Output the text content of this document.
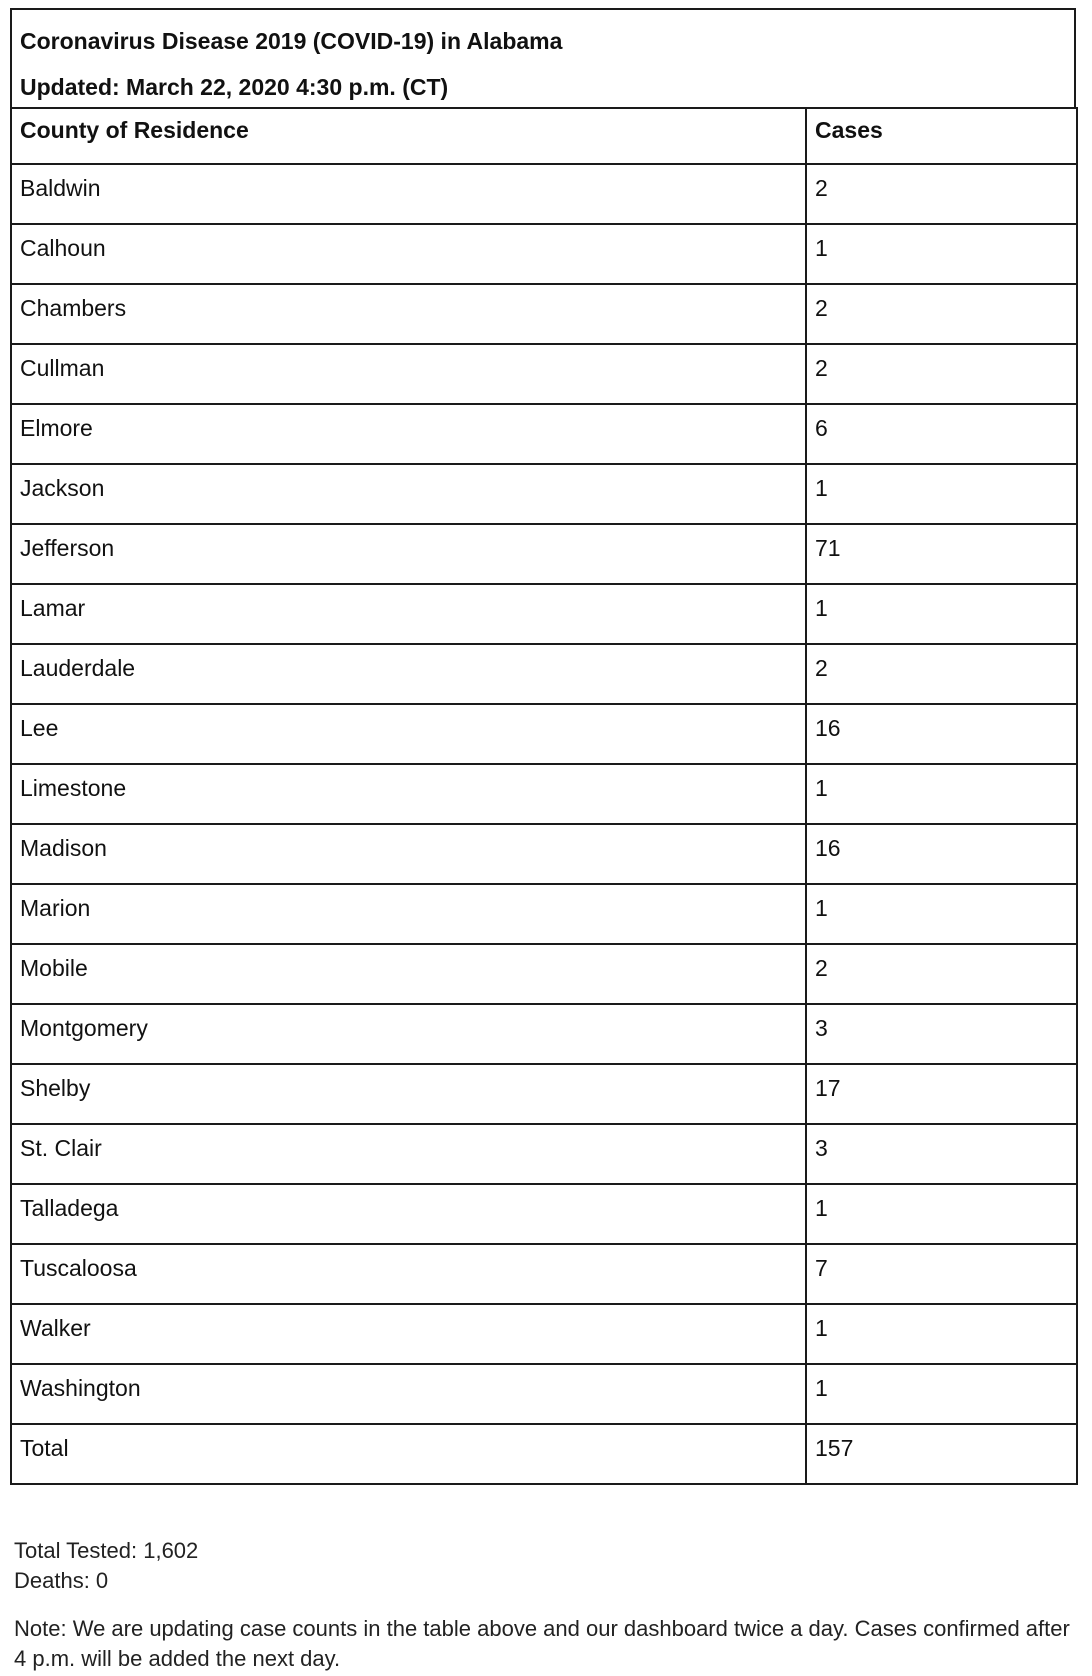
Coronavirus Disease 2019 (COVID-19) in Alabama
Updated: March 22, 2020 4:30 p.m. (CT)
County of Residence	Cases
Baldwin	2
Calhoun	1
Chambers	2
Cullman	2
Elmore	6
Jackson	1
Jefferson	71
Lamar	1
Lauderdale	2
Lee	16
Limestone	1
Madison	16
Marion	1
Mobile	2
Montgomery	3
Shelby	17
St. Clair	3
Talladega	1
Tuscaloosa	7
Walker	1
Washington	1
Total	157
Total Tested: 1,602
Deaths: 0
Note: We are updating case counts in the table above and our dashboard twice a day. Cases confirmed after 4 p.m. will be added the next day.
